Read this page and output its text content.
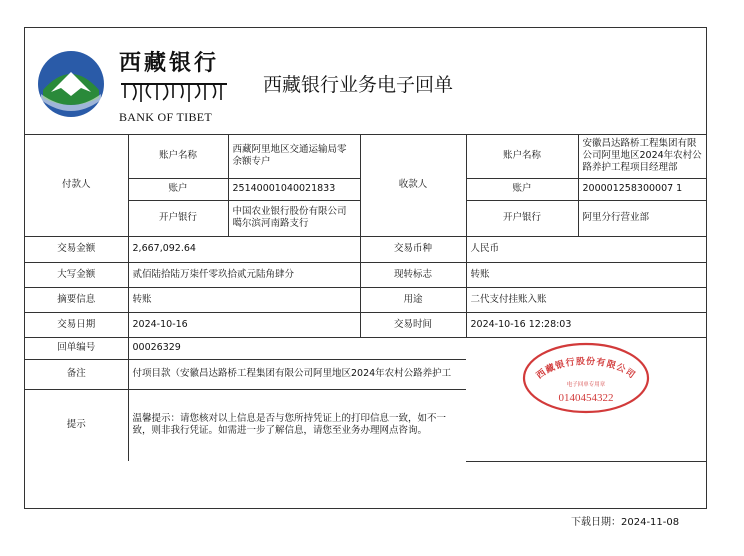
西藏银行
BANK OF TIBET
西藏银行业务电子回单
付款人	账户名称	西藏阿里地区交通运输局零余额专户	收款人	账户名称	安徽昌达路桥工程集团有限公司阿里地区2024年农村公路养护工程项目经理部
	账户	25140001040021833		账户	200001258300007 1
	开户银行	中国农业银行股份有限公司噶尔滨河南路支行		开户银行	阿里分行营业部
交易金额	2,667,092.64		交易币种	人民币	
大写金额	贰佰陆拾陆万柒仟零玖拾贰元陆角肆分		现转标志	转账	
摘要信息	转账		用途	二代支付挂账入账	
交易日期	2024-10-16		交易时间	2024-10-16 12:28:03	
回单编号	00026329			西藏银行股份有限公司
电子回单专用章
0140454322	

备注	付项目款（安徽昌达路桥工程集团有限公司阿里地区2024年农村公路养护工				
提示	温馨提示：请您核对以上信息是否与您所持凭证上的打印信息一致，如不一致，则非我行凭证。如需进一步了解信息，请您至业务办理网点咨询。				
下载日期：2024-11-08
